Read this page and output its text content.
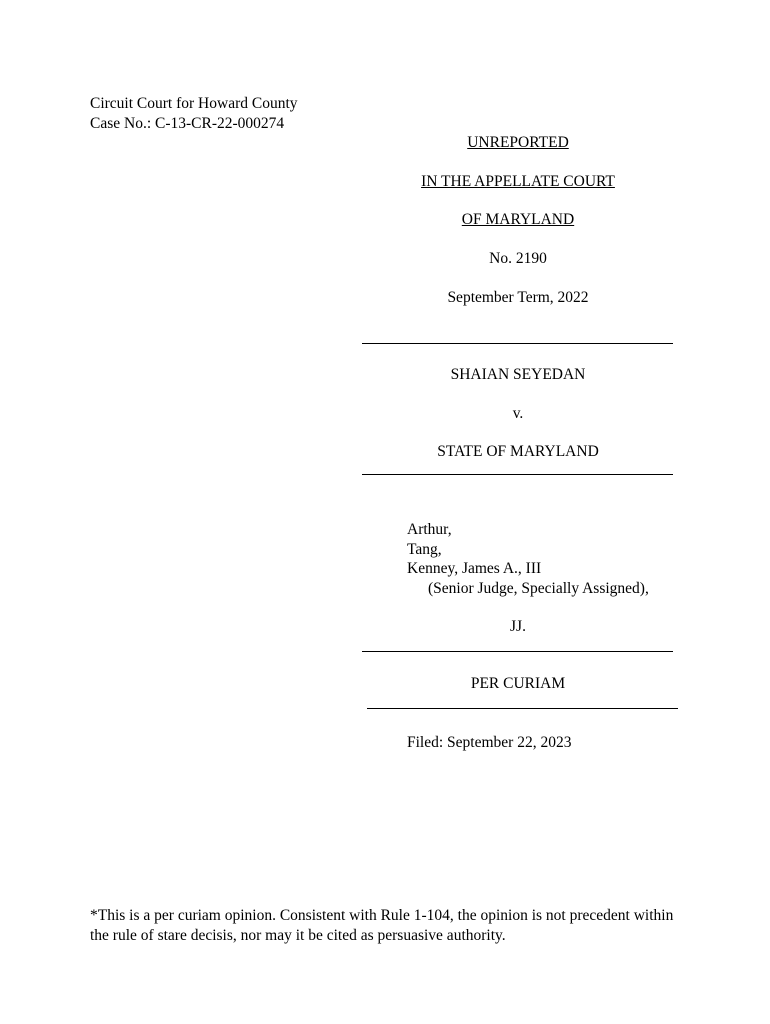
Circuit Court for Howard County
Case No.: C-13-CR-22-000274
UNREPORTED
IN THE APPELLATE COURT
OF MARYLAND
No. 2190
September Term, 2022
SHAIAN SEYEDAN
v.
STATE OF MARYLAND
Arthur,
Tang,
Kenney, James A., III
(Senior Judge, Specially Assigned),
JJ.
PER CURIAM
Filed: September 22, 2023
*This is a per curiam opinion. Consistent with Rule 1-104, the opinion is not precedent within the rule of stare decisis, nor may it be cited as persuasive authority.
